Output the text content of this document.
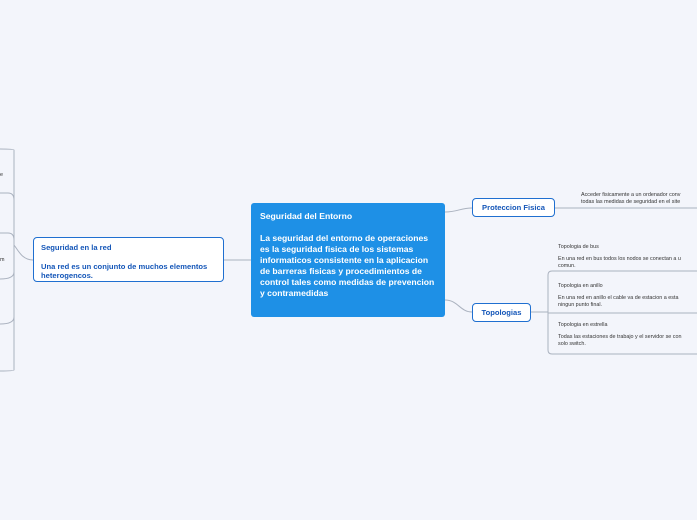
Seguridad del Entorno
La seguridad del entorno de operaciones es la seguridad fisica de los sistemas informaticos consistente en la aplicacion de barreras fisicas y procedimientos de control tales como medidas de prevencion y contramedidas
Seguridad en la red
Una red es un conjunto de muchos elementos heterogencos.
e
m
Proteccion Fisica
Acceder fisicamente a un ordenador conv
todas las medidas de seguridad en el site
Topologias
Topologia de bus
En una red en bus todos los nodos se conectan a u
comun.
Topologia en anillo
En una red en anillo el cable va de estacion a esta
ningun punto final.
Topologia en estrella
Todas las estaciones de trabajo y el servidor se con
solo switch.
